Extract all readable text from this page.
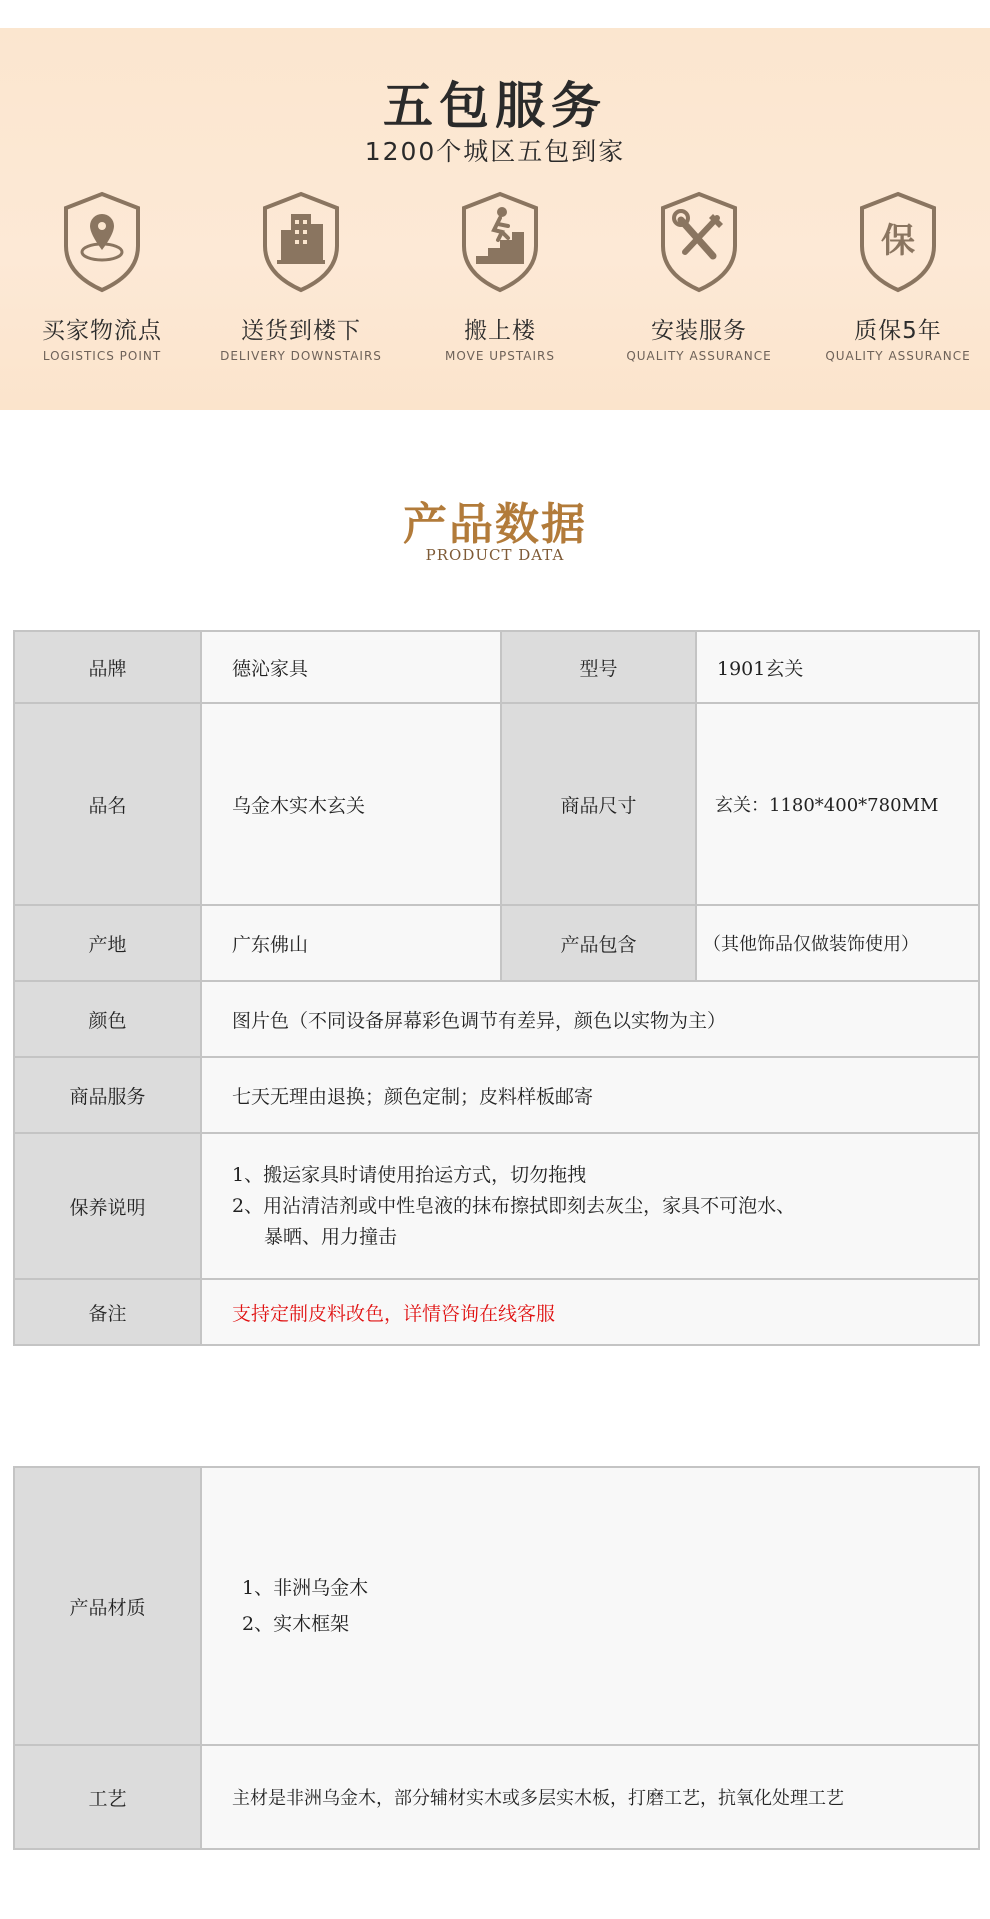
五包服务
1200个城区五包到家
买家物流点
LOGISTICS POINT
送货到楼下
DELIVERY DOWNSTAIRS
搬上楼
MOVE UPSTAIRS
安装服务
QUALITY ASSURANCE
保
质保5年
QUALITY ASSURANCE
产品数据
PRODUCT DATA
品牌	德沁家具	型号	1901玄关
品名	乌金木实木玄关	商品尺寸	玄关：1180*400*780MM
产地	广东佛山	产品包含	（其他饰品仅做装饰使用）
颜色	图片色（不同设备屏幕彩色调节有差异，颜色以实物为主）		
商品服务	七天无理由退换；颜色定制；皮料样板邮寄		
保养说明	1、搬运家具时请使用抬运方式，切勿拖拽
2、用沾清洁剂或中性皂液的抹布擦拭即刻去灰尘，家具不可泡水、
暴晒、用力撞击		

备注	支持定制皮料改色，详情咨询在线客服		
产品材质	1、非洲乌金木
2、实木框架

工艺	主材是非洲乌金木，部分辅材实木或多层实木板，打磨工艺，抗氧化处理工艺
